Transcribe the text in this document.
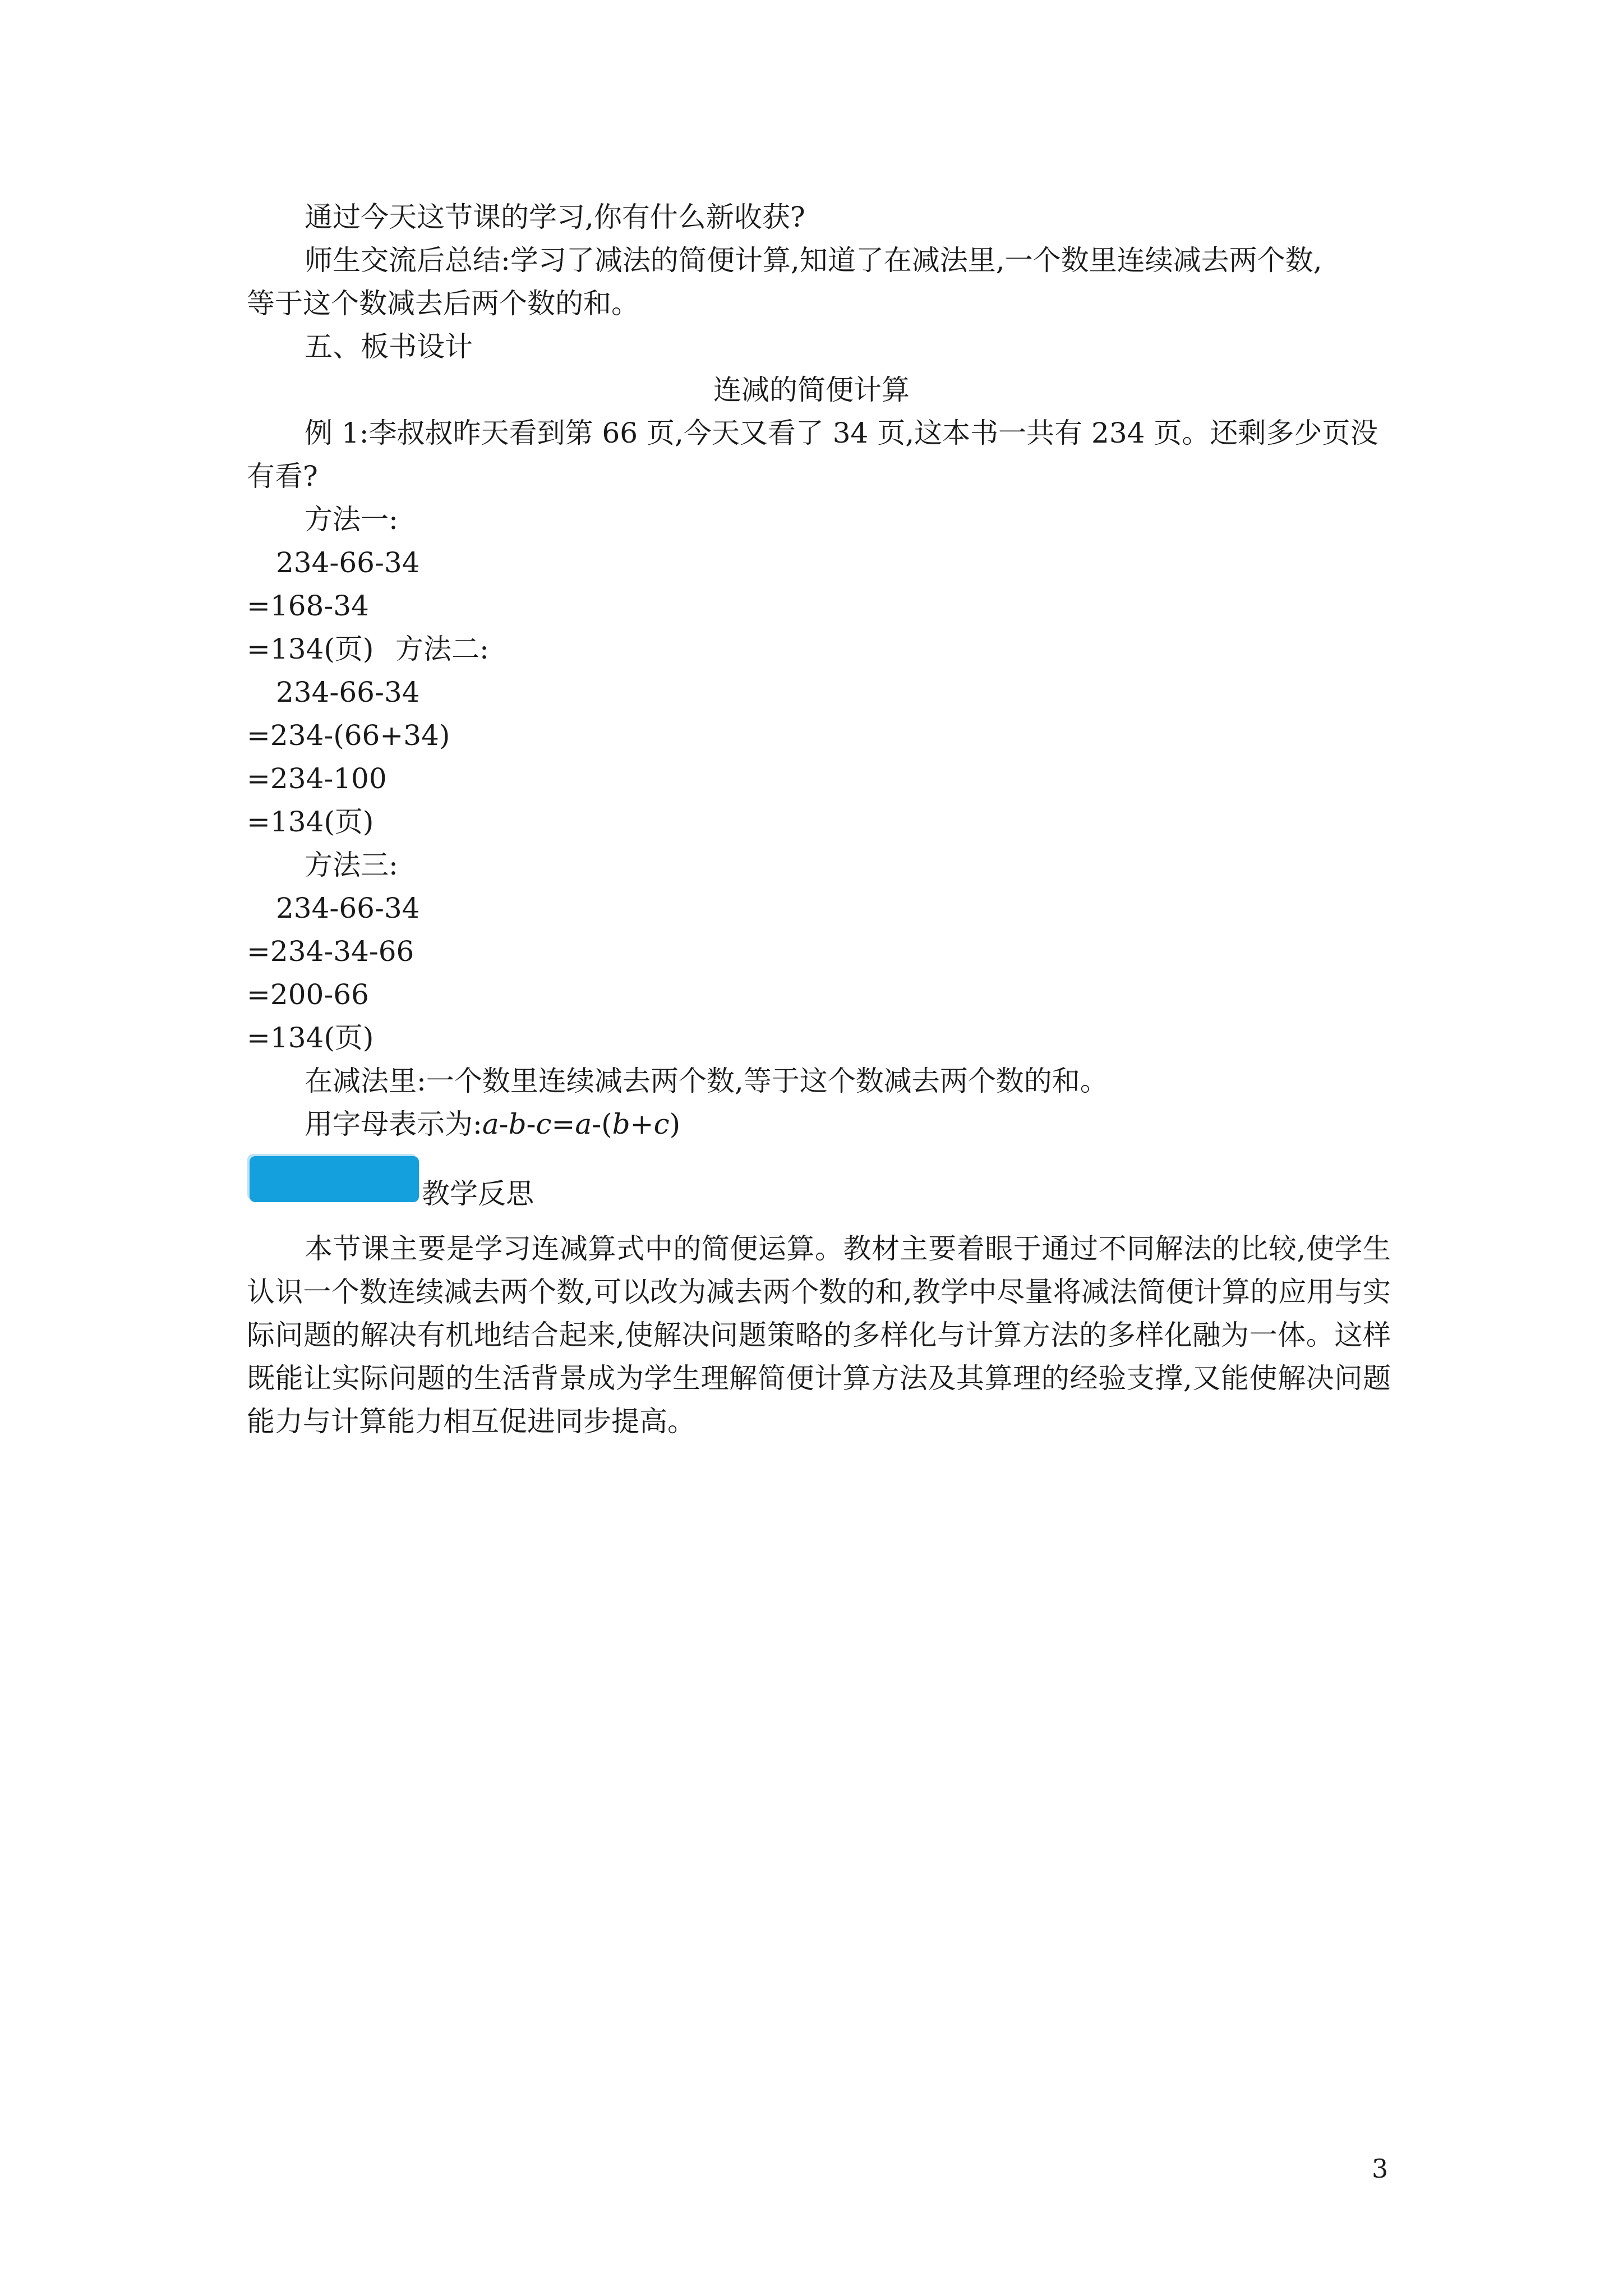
通过今天这节课的学习,你有什么新收获?
师生交流后总结:学习了减法的简便计算,知道了在减法里,一个数里连续减去两个数,
等于这个数减去后两个数的和。
五、板书设计
连减的简便计算
例 1:李叔叔昨天看到第 66 页,今天又看了 34 页,这本书一共有 234 页。还剩多少页没
有看?
方法一:
234-66-34
=168-34
=134(页) 方法二:
234-66-34
=234-(66+34)
=234-100
=134(页)
方法三:
234-66-34
=234-34-66
=200-66
=134(页)
在减法里:一个数里连续减去两个数,等于这个数减去两个数的和。
用字母表示为:a-b-c=a-(b+c)
教学反思

本节课主要是学习连减算式中的简便运算。教材主要着眼于通过不同解法的比较,使学生认识一个数连续减去两个数,可以改为减去两个数的和,教学中尽量将减法简便计算的应用与实际问题的解决有机地结合起来,使解决问题策略的多样化与计算方法的多样化融为一体。这样既能让实际问题的生活背景成为学生理解简便计算方法及其算理的经验支撑,又能使解决问题能力与计算能力相互促进同步提高。

3
